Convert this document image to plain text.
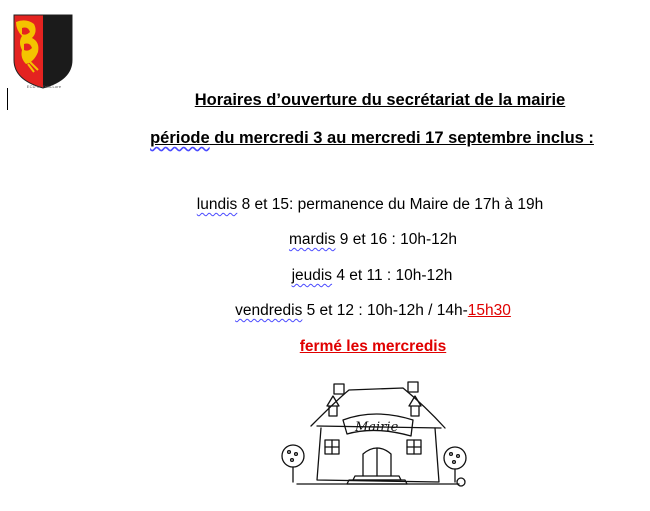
ECU of Zeta-Lore
Horaires d’ouverture du secrétariat de la mairie
période du mercredi 3 au mercredi 17 septembre inclus :
lundis 8 et 15: permanence du Maire de 17h à 19h
mardis 9 et 16 : 10h-12h
jeudis 4 et 11 : 10h-12h
vendredis 5 et 12 : 10h-12h / 14h-15h30
fermé les mercredis
Mairie
